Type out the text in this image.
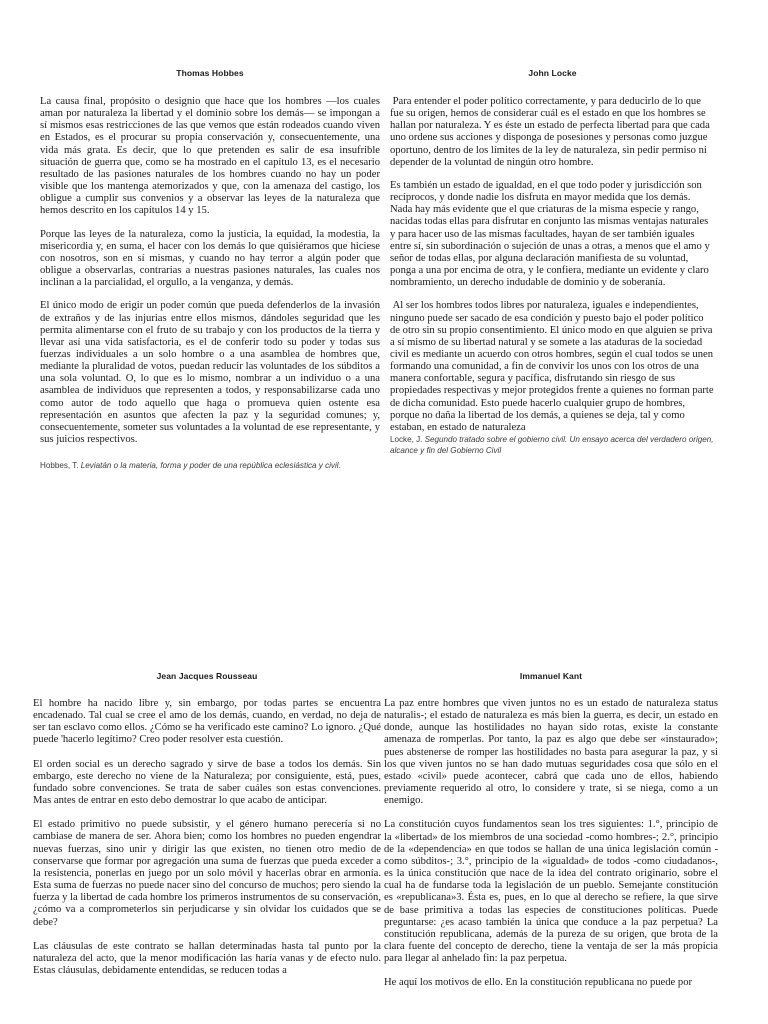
Thomas Hobbes

La causa final, propósito o designio que hace que los hombres —los cuales aman por naturaleza la libertad y el dominio sobre los demás— se impongan a sí mismos esas restricciones de las que vemos que están rodeados cuando viven en Estados, es el procurar su propia conservación y, consecuentemente, una vida más grata. Es decir, que lo que pretenden es salir de esa insufrible situación de guerra que, como se ha mostrado en el capítulo 13, es el necesario resultado de las pasiones naturales de los hombres cuando no hay un poder visible que los mantenga atemorizados y que, con la amenaza del castigo, los obligue a cumplir sus convenios y a observar las leyes de la naturaleza que hemos descrito en los capítulos 14 y 15.

Porque las leyes de la naturaleza, como la justicia, la equidad, la modestia, la misericordia y, en suma, el hacer con los demás lo que quisiéramos que hiciese con nosotros, son en sí mismas, y cuando no hay terror a algún poder que obligue a observarlas, contrarias a nuestras pasiones naturales, las cuales nos inclinan a la parcialidad, el orgullo, a la venganza, y demás.

El único modo de erigir un poder común que pueda defenderlos de la invasión de extraños y de las injurias entre ellos mismos, dándoles seguridad que les permita alimentarse con el fruto de su trabajo y con los productos de la tierra y llevar así una vida satisfactoria, es el de conferir todo su poder y todas sus fuerzas individuales a un solo hombre o a una asamblea de hombres que, mediante la pluralidad de votos, puedan reducir las voluntades de los súbditos a una sola voluntad. O, lo que es lo mismo, nombrar a un individuo o a una asamblea de individuos que representen a todos, y responsabilizarse cada uno como autor de todo aquello que haga o promueva quien ostente esa representación en asuntos que afecten la paz y la seguridad comunes; y, consecuentemente, someter sus voluntades a la voluntad de ese representante, y sus juicios respectivos.

Hobbes, T. Leviatán o la materia, forma y poder de una república eclesiástica y civil.

John Locke

Para entender el poder político correctamente, y para deducirlo de lo que fue su origen, hemos de considerar cuál es el estado en que los hombres se hallan por naturaleza. Y es éste un estado de perfecta libertad para que cada uno ordene sus acciones y disponga de posesiones y personas como juzgue oportuno, dentro de los límites de la ley de naturaleza, sin pedir permiso ni depender de la voluntad de ningún otro hombre.

Es también un estado de igualdad, en el que todo poder y jurisdicción son recíprocos, y donde nadie los disfruta en mayor medida que los demás. Nada hay más evidente que el que criaturas de la misma especie y rango, nacidas todas ellas para disfrutar en conjunto las mismas ventajas naturales y para hacer uso de las mismas facultades, hayan de ser también iguales entre sí, sin subordinación o sujeción de unas a otras, a menos que el amo y señor de todas ellas, por alguna declaración manifiesta de su voluntad, ponga a una por encima de otra, y le confiera, mediante un evidente y claro nombramiento, un derecho indudable de dominio y de soberanía.

Al ser los hombres todos libres por naturaleza, iguales e independientes, ninguno puede ser sacado de esa condición y puesto bajo el poder político de otro sin su propio consentimiento. El único modo en que alguien se priva a sí mismo de su libertad natural y se somete a las ataduras de la sociedad civil es mediante un acuerdo con otros hombres, según el cual todos se unen formando una comunidad, a fin de convivir los unos con los otros de una manera confortable, segura y pacífica, disfrutando sin riesgo de sus propiedades respectivas y mejor protegidos frente a quienes no forman parte de dicha comunidad. Esto puede hacerlo cualquier grupo de hombres, porque no daña la libertad de los demás, a quienes se deja, tal y como estaban, en estado de naturaleza

Locke, J. Segundo tratado sobre el gobierno civil. Un ensayo acerca del verdadero origen, alcance y fin del Gobierno Civil

Jean Jacques Rousseau

El hombre ha nacido libre y, sin embargo, por todas partes se encuentra encadenado. Tal cual se cree el amo de los demás, cuando, en verdad, no deja de ser tan esclavo como ellos. ¿Cómo se ha verificado este camino? Lo ignoro. ¿Qué puede 'hacerlo legítimo? Creo poder resolver esta cuestión.

El orden social es un derecho sagrado y sirve de base a todos los demás. Sin embargo, este derecho no viene de la Naturaleza; por consiguiente, está, pues, fundado sobre convenciones. Se trata de saber cuáles son estas convenciones. Mas antes de entrar en esto debo demostrar lo que acabo de anticipar.

El estado primitivo no puede subsistir, y el género humano perecería si no cambiase de manera de ser. Ahora bien; como los hombres no pueden engendrar nuevas fuerzas, sino unir y dirigir las que existen, no tienen otro medio de conservarse que formar por agregación una suma de fuerzas que pueda exceder a la resistencia, ponerlas en juego por un solo móvil y hacerlas obrar en armonía. Esta suma de fuerzas no puede nacer sino del concurso de muchos; pero siendo la fuerza y la libertad de cada hombre los primeros instrumentos de su conservación, ¿cómo va a comprometerlos sin perjudicarse y sin olvidar los cuidados que se debe?

Las cláusulas de este contrato se hallan determinadas hasta tal punto por la naturaleza del acto, que la menor modificación las haría vanas y de efecto nulo. Estas cláusulas, debidamente entendidas, se reducen todas a

Immanuel Kant

La paz entre hombres que viven juntos no es un estado de naturaleza status naturalis-; el estado de naturaleza es más bien la guerra, es decir, un estado en donde, aunque las hostilidades no hayan sido rotas, existe la constante amenaza de romperlas. Por tanto, la paz es algo que debe ser «instaurado»; pues abstenerse de romper las hostilidades no basta para asegurar la paz, y si los que viven juntos no se han dado mutuas seguridades cosa que sólo en el estado «civil» puede acontecer, cabrá que cada uno de ellos, habiendo previamente requerido al otro, lo considere y trate, si se niega, como a un enemigo.

La constitución cuyos fundamentos sean los tres siguientes: 1.°, principio de la «libertad» de los miembros de una sociedad -como hombres-; 2.°, principio de la «dependencia» en que todos se hallan de una única legislación común -como súbditos-; 3.°, principio de la «igualdad» de todos -como ciudadanos-, es la única constitución que nace de la idea del contrato originario, sobre el cual ha de fundarse toda la legislación de un pueblo. Semejante constitución es «republicana»3. Ésta es, pues, en lo que al derecho se refiere, la que sirve de base primitiva a todas las especies de constituciones políticas. Puede preguntarse: ¿es acaso también la única que conduce a la paz perpetua? La constitución republicana, además de la pureza de su origen, que brota de la clara fuente del concepto de derecho, tiene la ventaja de ser la más propicia para llegar al anhelado fin: la paz perpetua.

He aquí los motivos de ello. En la constitución republicana no puede por
